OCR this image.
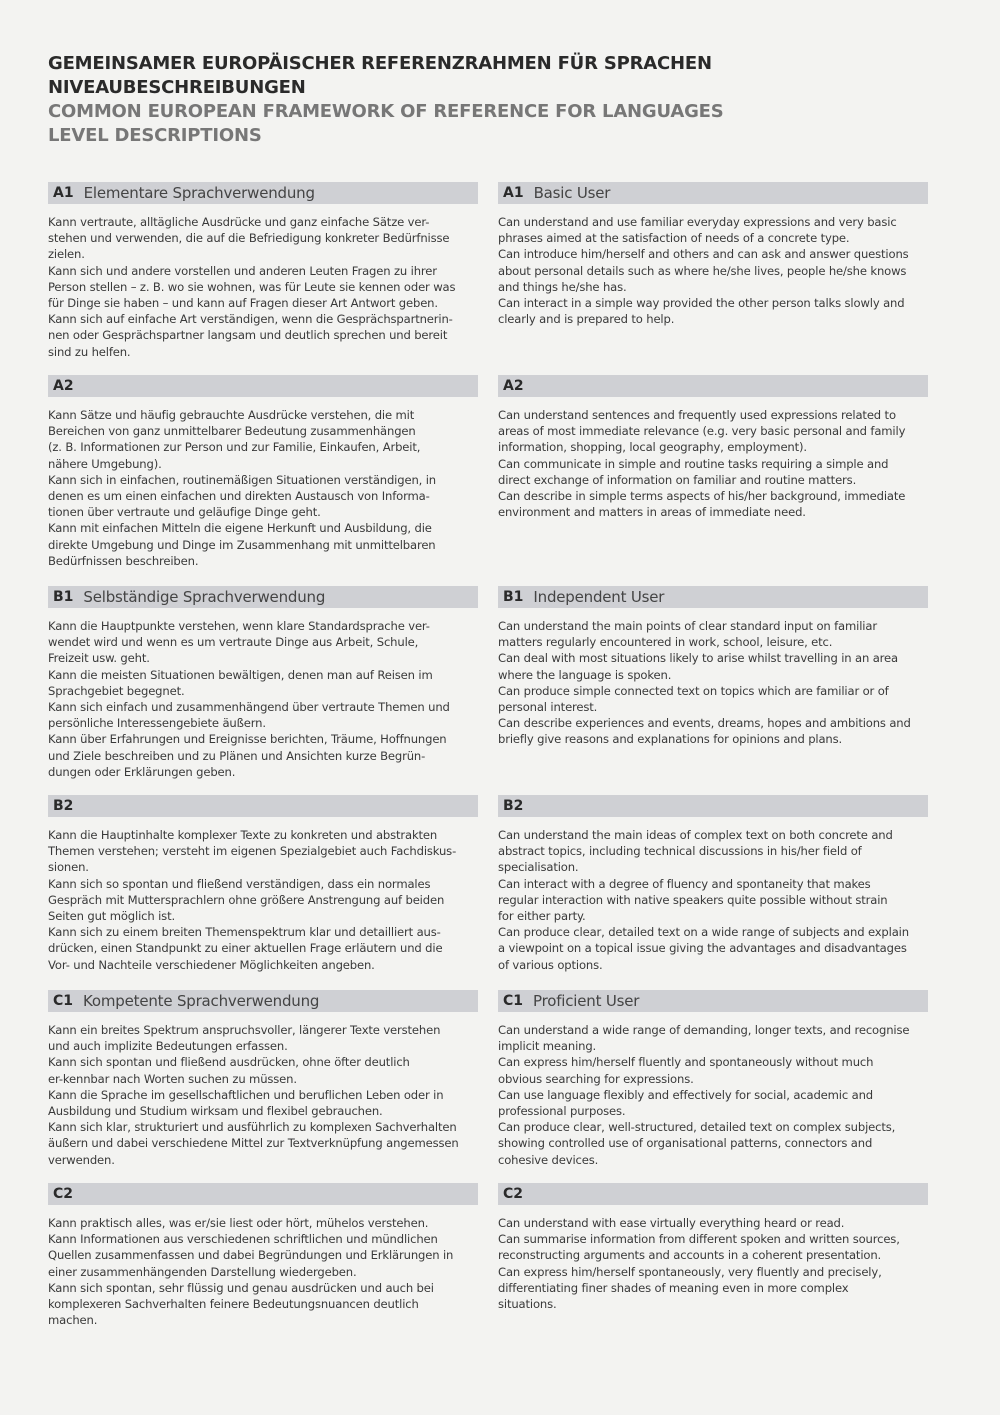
GEMEINSAMER EUROPÄISCHER REFERENZRAHMEN FÜR SPRACHEN
NIVEAUBESCHREIBUNGEN
COMMON EUROPEAN FRAMEWORK OF REFERENCE FOR LANGUAGES
LEVEL DESCRIPTIONS
A1 Elementare Sprachverwendung

Kann vertraute, alltägliche Ausdrücke und ganz einfache Sätze ver-

stehen und verwenden, die auf die Befriedigung konkreter Bedürfnisse

zielen.

Kann sich und andere vorstellen und anderen Leuten Fragen zu ihrer

Person stellen – z. B. wo sie wohnen, was für Leute sie kennen oder was

für Dinge sie haben – und kann auf Fragen dieser Art Antwort geben.

Kann sich auf einfache Art verständigen, wenn die Gesprächspartnerin-

nen oder Gesprächspartner langsam und deutlich sprechen und bereit

sind zu helfen.

A2

Kann Sätze und häufig gebrauchte Ausdrücke verstehen, die mit

Bereichen von ganz unmittelbarer Bedeutung zusammenhängen

(z. B. Informationen zur Person und zur Familie, Einkaufen, Arbeit,

nähere Umgebung).

Kann sich in einfachen, routinemäßigen Situationen verständigen, in

denen es um einen einfachen und direkten Austausch von Informa-

tionen über vertraute und geläufige Dinge geht.

Kann mit einfachen Mitteln die eigene Herkunft und Ausbildung, die

direkte Umgebung und Dinge im Zusammenhang mit unmittelbaren

Bedürfnissen beschreiben.

B1 Selbständige Sprachverwendung

Kann die Hauptpunkte verstehen, wenn klare Standardsprache ver-

wendet wird und wenn es um vertraute Dinge aus Arbeit, Schule,

Freizeit usw. geht.

Kann die meisten Situationen bewältigen, denen man auf Reisen im

Sprachgebiet begegnet.

Kann sich einfach und zusammenhängend über vertraute Themen und

persönliche Interessengebiete äußern.

Kann über Erfahrungen und Ereignisse berichten, Träume, Hoffnungen

und Ziele beschreiben und zu Plänen und Ansichten kurze Begrün-

dungen oder Erklärungen geben.

B2

Kann die Hauptinhalte komplexer Texte zu konkreten und abstrakten

Themen verstehen; versteht im eigenen Spezialgebiet auch Fachdiskus-

sionen.

Kann sich so spontan und fließend verständigen, dass ein normales

Gespräch mit Muttersprachlern ohne größere Anstrengung auf beiden

Seiten gut möglich ist.

Kann sich zu einem breiten Themenspektrum klar und detailliert aus-

drücken, einen Standpunkt zu einer aktuellen Frage erläutern und die

Vor- und Nachteile verschiedener Möglichkeiten angeben.

C1 Kompetente Sprachverwendung

Kann ein breites Spektrum anspruchsvoller, längerer Texte verstehen

und auch implizite Bedeutungen erfassen.

Kann sich spontan und fließend ausdrücken, ohne öfter deutlich

er-kennbar nach Worten suchen zu müssen.

Kann die Sprache im gesellschaftlichen und beruflichen Leben oder in

Ausbildung und Studium wirksam und flexibel gebrauchen.

Kann sich klar, strukturiert und ausführlich zu komplexen Sachverhalten

äußern und dabei verschiedene Mittel zur Textverknüpfung angemessen

verwenden.

C2

Kann praktisch alles, was er/sie liest oder hört, mühelos verstehen.

Kann Informationen aus verschiedenen schriftlichen und mündlichen

Quellen zusammenfassen und dabei Begründungen und Erklärungen in

einer zusammenhängenden Darstellung wiedergeben.

Kann sich spontan, sehr flüssig und genau ausdrücken und auch bei

komplexeren Sachverhalten feinere Bedeutungsnuancen deutlich

machen.

A1 Basic User

Can understand and use familiar everyday expressions and very basic

phrases aimed at the satisfaction of needs of a concrete type.

Can introduce him/herself and others and can ask and answer questions

about personal details such as where he/she lives, people he/she knows

and things he/she has.

Can interact in a simple way provided the other person talks slowly and

clearly and is prepared to help.

A2

Can understand sentences and frequently used expressions related to

areas of most immediate relevance (e.g. very basic personal and family

information, shopping, local geography, employment).

Can communicate in simple and routine tasks requiring a simple and

direct exchange of information on familiar and routine matters.

Can describe in simple terms aspects of his/her background, immediate

environment and matters in areas of immediate need.

B1 Independent User

Can understand the main points of clear standard input on familiar

matters regularly encountered in work, school, leisure, etc.

Can deal with most situations likely to arise whilst travelling in an area

where the language is spoken.

Can produce simple connected text on topics which are familiar or of

personal interest.

Can describe experiences and events, dreams, hopes and ambitions and

briefly give reasons and explanations for opinions and plans.

B2

Can understand the main ideas of complex text on both concrete and

abstract topics, including technical discussions in his/her field of

specialisation.

Can interact with a degree of fluency and spontaneity that makes

regular interaction with native speakers quite possible without strain

for either party.

Can produce clear, detailed text on a wide range of subjects and explain

a viewpoint on a topical issue giving the advantages and disadvantages

of various options.

C1 Proficient User

Can understand a wide range of demanding, longer texts, and recognise

implicit meaning.

Can express him/herself fluently and spontaneously without much

obvious searching for expressions.

Can use language flexibly and effectively for social, academic and

professional purposes.

Can produce clear, well-structured, detailed text on complex subjects,

showing controlled use of organisational patterns, connectors and

cohesive devices.

C2

Can understand with ease virtually everything heard or read.

Can summarise information from different spoken and written sources,

reconstructing arguments and accounts in a coherent presentation.

Can express him/herself spontaneously, very fluently and precisely,

differentiating finer shades of meaning even in more complex

situations.
